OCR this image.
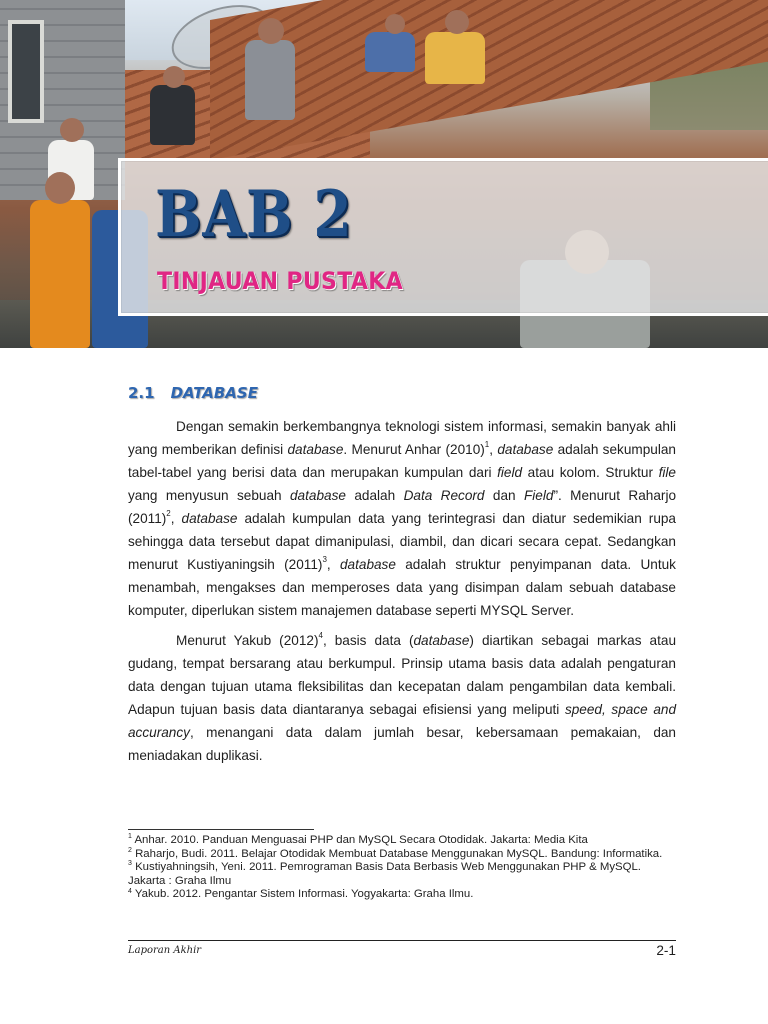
BAB 2
TINJAUAN PUSTAKA
2.1 DATABASE

Dengan semakin berkembangnya teknologi sistem informasi, semakin banyak ahli yang memberikan definisi database. Menurut Anhar $(2010)^1$, database adalah sekumpulan tabel-tabel yang berisi data dan merupakan kumpulan dari field atau kolom. Struktur file yang menyusun sebuah database adalah Data Record dan Field”. Menurut Raharjo $(2011)^2$, database adalah kumpulan data yang terintegrasi dan diatur sedemikian rupa sehingga data tersebut dapat dimanipulasi, diambil, dan dicari secara cepat. Sedangkan menurut Kustiyaningsih $(2011)^3$, database adalah struktur penyimpanan data. Untuk menambah, mengakses dan memperoses data yang disimpan dalam sebuah database komputer, diperlukan sistem manajemen database seperti MYSQL Server.

Menurut Yakub $(2012)^4$, basis data (database) diartikan sebagai markas atau gudang, tempat bersarang atau berkumpul. Prinsip utama basis data adalah pengaturan data dengan tujuan utama fleksibilitas dan kecepatan dalam pengambilan data kembali. Adapun tujuan basis data diantaranya sebagai efisiensi yang meliputi speed, space and accurancy, menangani data dalam jumlah besar, kebersamaan pemakaian, dan meniadakan duplikasi.

$^1$ Anhar. 2010. Panduan Menguasai PHP dan MySQL Secara Otodidak. Jakarta: Media Kita

$^2$ Raharjo, Budi. 2011. Belajar Otodidak Membuat Database Menggunakan MySQL. Bandung: Informatika.

$^3$ Kustiyahningsih, Yeni. 2011. Pemrograman Basis Data Berbasis Web Menggunakan PHP & MySQL. Jakarta : Graha Ilmu

$^4$ Yakub. 2012. Pengantar Sistem Informasi. Yogyakarta: Graha Ilmu.

Laporan Akhir	2-1
